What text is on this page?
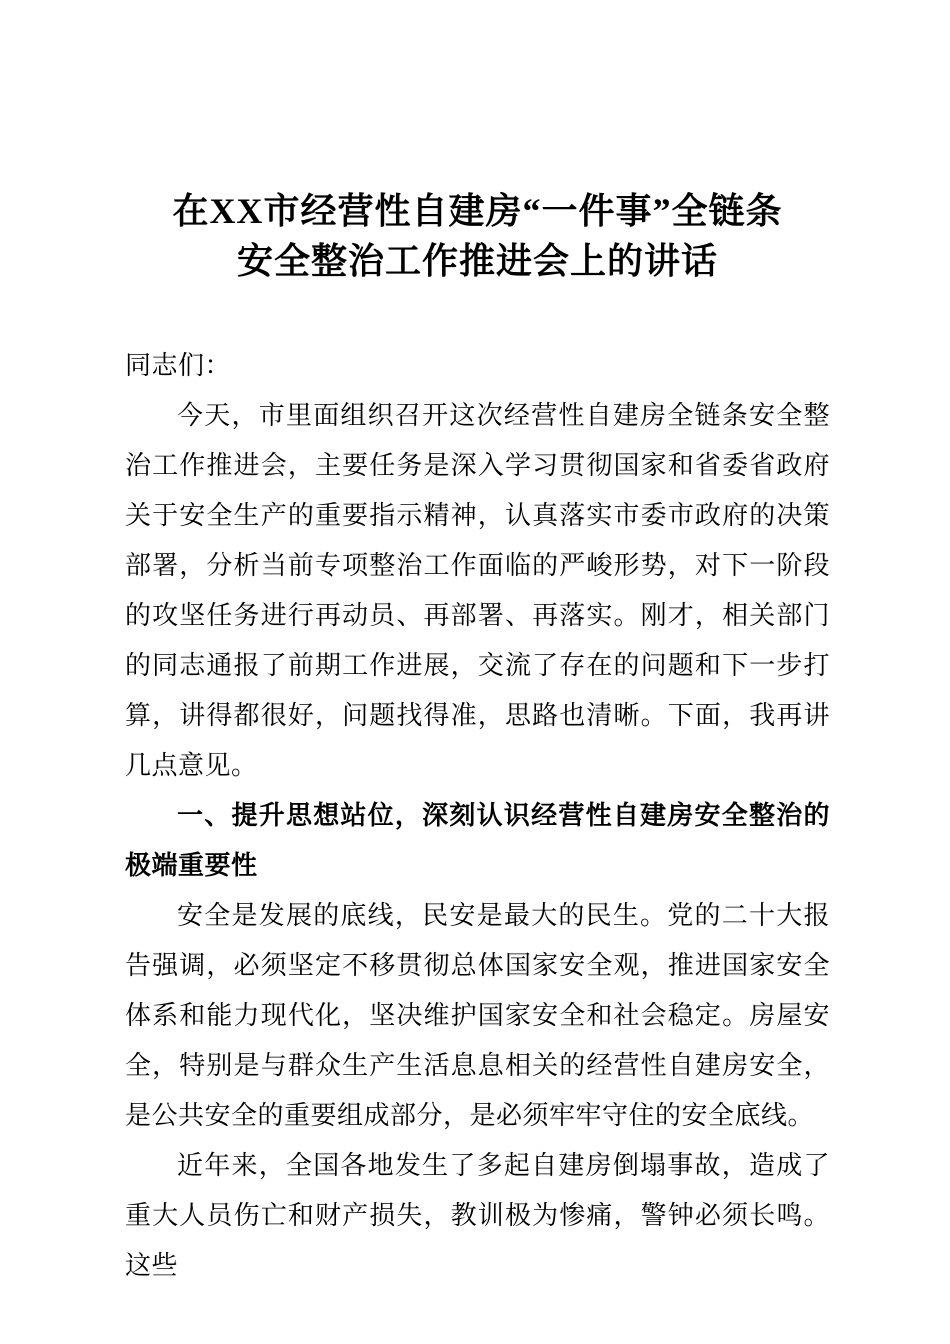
在XX市经营性自建房“一件事”全链条
安全整治工作推进会上的讲话

同志们：

今天，市里面组织召开这次经营性自建房全链条安全整治工作推进会，主要任务是深入学习贯彻国家和省委省政府关于安全生产的重要指示精神，认真落实市委市政府的决策部署，分析当前专项整治工作面临的严峻形势，对下一阶段的攻坚任务进行再动员、再部署、再落实。刚才，相关部门的同志通报了前期工作进展，交流了存在的问题和下一步打算，讲得都很好，问题找得准，思路也清晰。下面，我再讲几点意见。

一、提升思想站位，深刻认识经营性自建房安全整治的极端重要性

安全是发展的底线，民安是最大的民生。党的二十大报告强调，必须坚定不移贯彻总体国家安全观，推进国家安全体系和能力现代化，坚决维护国家安全和社会稳定。房屋安全，特别是与群众生产生活息息相关的经营性自建房安全，是公共安全的重要组成部分，是必须牢牢守住的安全底线。

近年来，全国各地发生了多起自建房倒塌事故，造成了重大人员伤亡和财产损失，教训极为惨痛，警钟必须长鸣。这些
